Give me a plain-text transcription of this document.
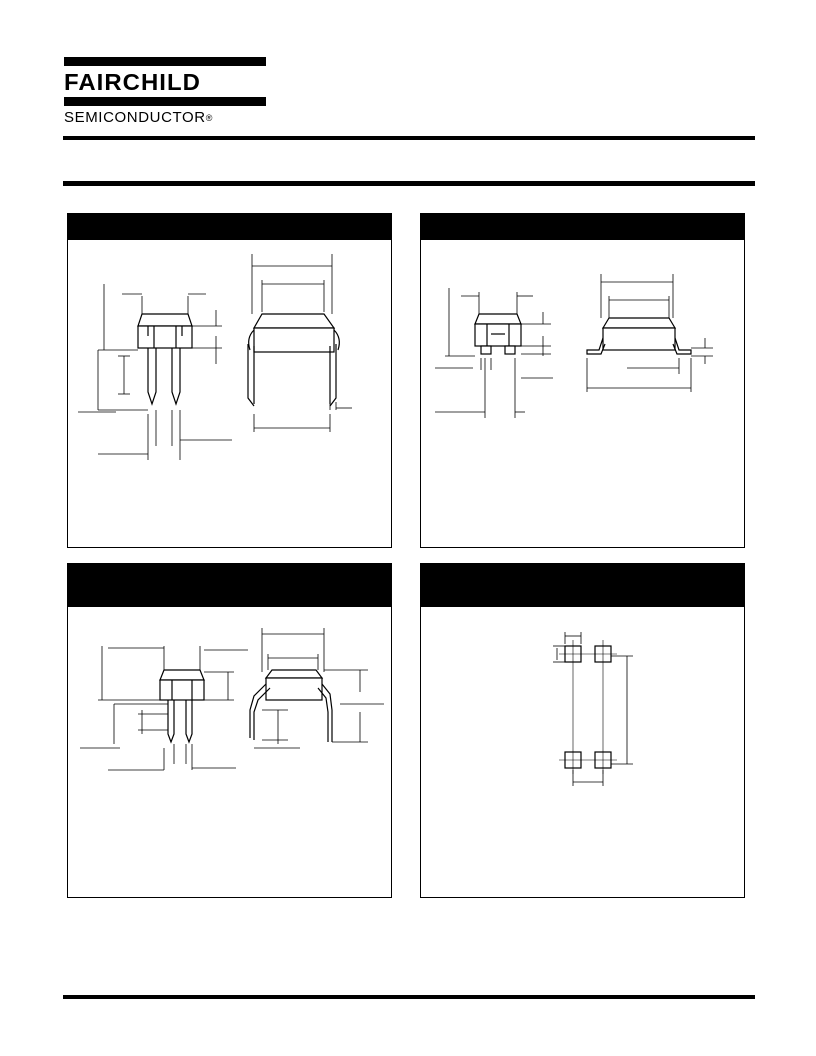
FAIRCHILD
SEMICONDUCTOR®
